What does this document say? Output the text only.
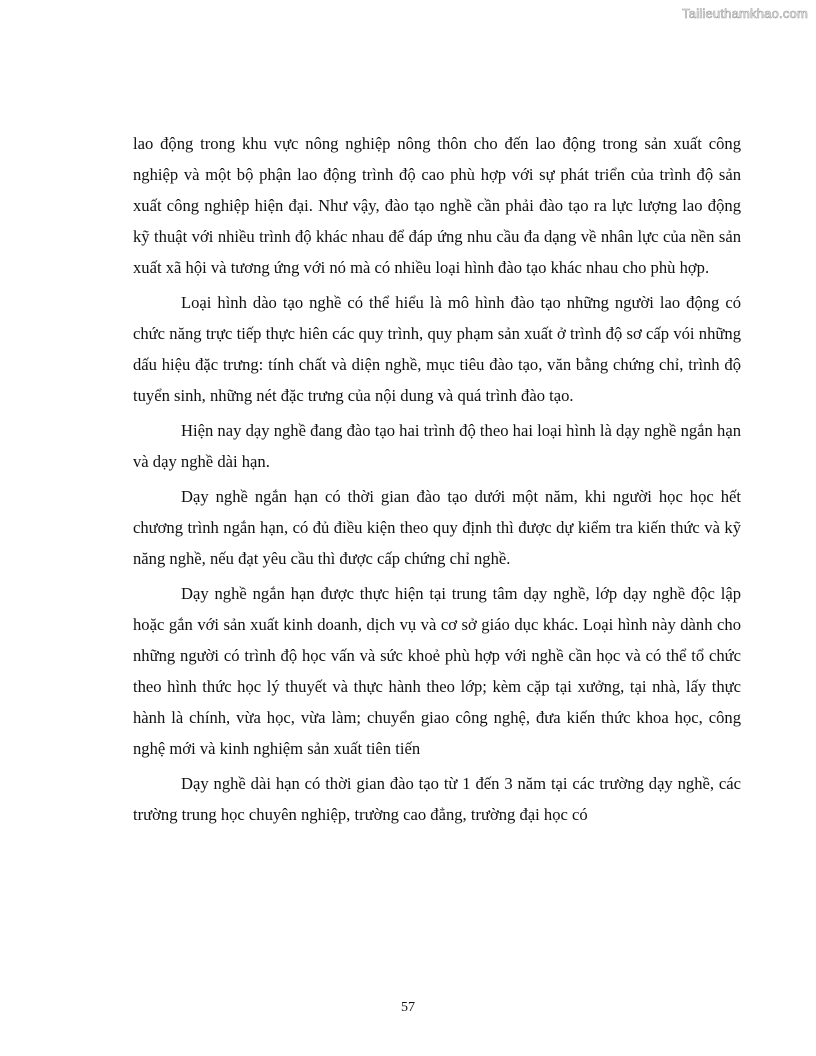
Tailieuthamkhao.com

lao động trong khu vực nông nghiệp nông thôn cho đến lao động trong sản xuất công nghiệp và một bộ phận lao động trình độ cao phù hợp với sự phát triển của trình độ sản xuất công nghiệp hiện đại. Như vậy, đào tạo nghề cần phải đào tạo ra lực lượng lao động kỹ thuật với nhiều trình độ khác nhau để đáp ứng nhu cầu đa dạng về nhân lực của nền sản xuất xã hội và tương ứng với nó mà có nhiều loại hình đào tạo khác nhau cho phù hợp.

Loại hình dào tạo nghề có thể hiểu là mô hình đào tạo những người lao động có chức năng trực tiếp thực hiên các quy trình, quy phạm sản xuất ở trình độ sơ cấp vói những dấu hiệu đặc trưng: tính chất và diện nghề, mục tiêu đào tạo, văn bằng chứng chỉ, trình độ tuyển sinh, những nét đặc trưng của nội dung và quá trình đào tạo.

Hiện nay dạy nghề đang đào tạo hai trình độ theo hai loại hình là dạy nghề ngắn hạn và dạy nghề dài hạn.

Dạy nghề ngắn hạn có thời gian đào tạo dưới một năm, khi người học học hết chương trình ngắn hạn, có đủ điều kiện theo quy định thì được dự kiểm tra kiến thức và kỹ năng nghề, nếu đạt yêu cầu thì được cấp chứng chỉ nghề.

Dạy nghề ngắn hạn được thực hiện tại trung tâm dạy nghề, lớp dạy nghề độc lập hoặc gắn với sản xuất kinh doanh, dịch vụ và cơ sở giáo dục khác. Loại hình này dành cho những người có trình độ học vấn và sức khoẻ phù hợp với nghề cần học và có thể tổ chức theo hình thức học lý thuyết và thực hành theo lớp; kèm cặp tại xưởng, tại nhà, lấy thực hành là chính, vừa học, vừa làm; chuyển giao công nghệ, đưa kiến thức khoa học, công nghệ mới và kinh nghiệm sản xuất tiên tiến

Dạy nghề dài hạn có thời gian đào tạo từ 1 đến 3 năm tại các trường dạy nghề, các trường trung học chuyên nghiệp, trường cao đẳng, trường đại học có

57
